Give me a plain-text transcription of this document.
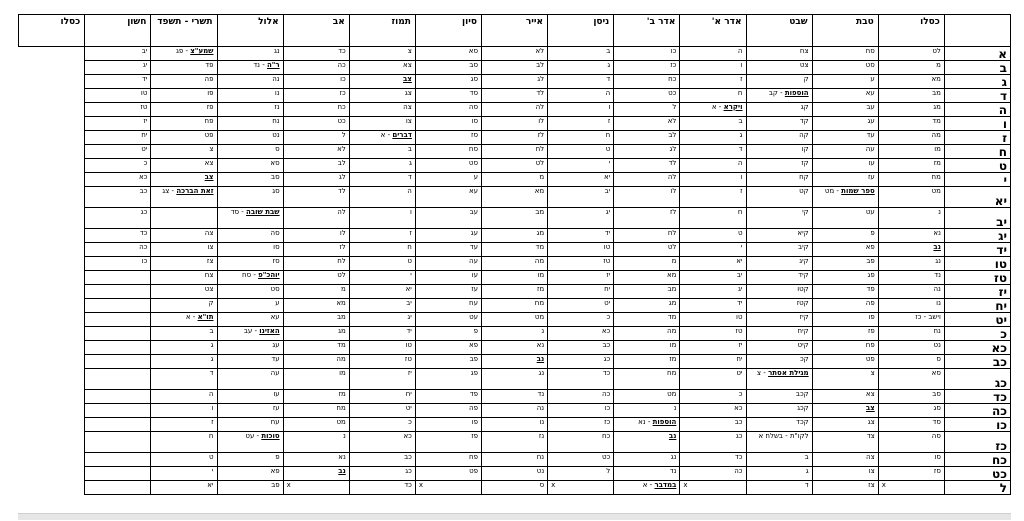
	כסלו	טבת	שבט	אדר א'	אדר ב'	ניסן	אייר	סיון	תמוז	אב	אלול	תשרי - תשפד	חשון	כסלו
א	לט	סח	צח	ה	כו	ב	לא	סא	צ	כד	נג	שמע"צ - פג	יב	
ב	מ	סט	צט	ו	כז	ג	לב	סב	צא	כה	ר"ה - נד	פד	יג	
ג	מא	ע	ק	ז	כח	ד	לג	סג	צב	כו	נה	פה	יד	
ד	מב	עא	הוספות - קב	ח	כט	ה	לד	סד	צג	כז	נו	פו	טו	
ה	מג	עב	קג	ויקרא - א	ל	ו	לה	סה	צה	כח	נז	פז	טז	
ו	מד	עג	קד	ב	לא	ז	לו	סו	צו	כט	נח	פח	יז	
ז	מה	עד	קה	ג	לב	ח	לז	סז	דברים - א	ל	נט	פט	יח	
ח	מו	עה	קו	ד	לג	ט	לח	סח	ב	לא	ס	צ	יט	
ט	מז	עו	קז	ה	לד	י	לט	סט	ג	לב	סא	צא	כ	
י	מח	עז	קח	ו	לה	יא	מ	ע	ד	לג	סב	צב	כא	
יא	מט	ספר שמות - מט	קט	ז	לו	יב	מא	עא	ה	לד	סג	זאת הברכה - צג	כב	
יב	נ	עט	קי	ח	לז	יג	מב	עב	ו	לה	שבת שובה - סד		כג	
יג	נא	פ	קיא	ט	לח	יד	מג	עג	ז	לו	סה	צה	כד	
יד	נב	פא	קיב	י	לט	טו	מד	עד	ח	לז	סו	צו	כה	
טו	נג	פב	קיג	יא	מ	טז	מה	עה	ט	לח	סז	צז	כו	
טז	נד	פג	קיד	יב	מא	יז	מו	עו	י	לט	יוהכ"פ - סח	צח		
יז	נה	פד	קטו	יג	מב	יח	מז	עז	יא	מ	סט	צט		
יח	נו	פה	קטז	יד	מג	יט	מח	עח	יב	מא	ע	ק		
יט	וישב - כז	פו	קיז	טו	מד	כ	מט	עט	יג	מב	עא	תו"א - א		
כ	נח	פז	קיח	טז	מה	כא	נ	פ	יד	מג	האזינו - עב	ב		
כא	נט	פח	קיט	יז	מו	כב	נא	פא	טו	מד	עג	ג		
כב	ס	פט	קכ	יח	מז	כג	נב	פב	טז	מה	עד	ג		
כג	סא	צ	מגילת אסתר - צ	יט	מח	כד	נג	פג	יז	מו	עה	ד		
כד	סב	צא	קכב	כ	מט	כה	נד	פד	יח	מז	עו	ה		
כה	סג	צב	קכג	כא	נ	כו	נה	פה	יט	מח	עז	ו		
כו	סד	צג	קכד	כב	הוספות - נא	כז	נו	פו	כ	מט	עח	ז		
כז	סה	צד	לקו"ת - בשלח א	כג	נב	כח	נז	פז	כא	נ	סוכות - עט	ח		
כח	סו	צה	ב	כד	נג	כט	נח	פח	כב	נא	פ	ט		
כט	סז	צו	ג	כה	נד	ל	נט	פט	כג	נב	פא	י		
ל	x	צז	ד	x	במדבר - א	x	ס	x	כד	x	פב	יא		
